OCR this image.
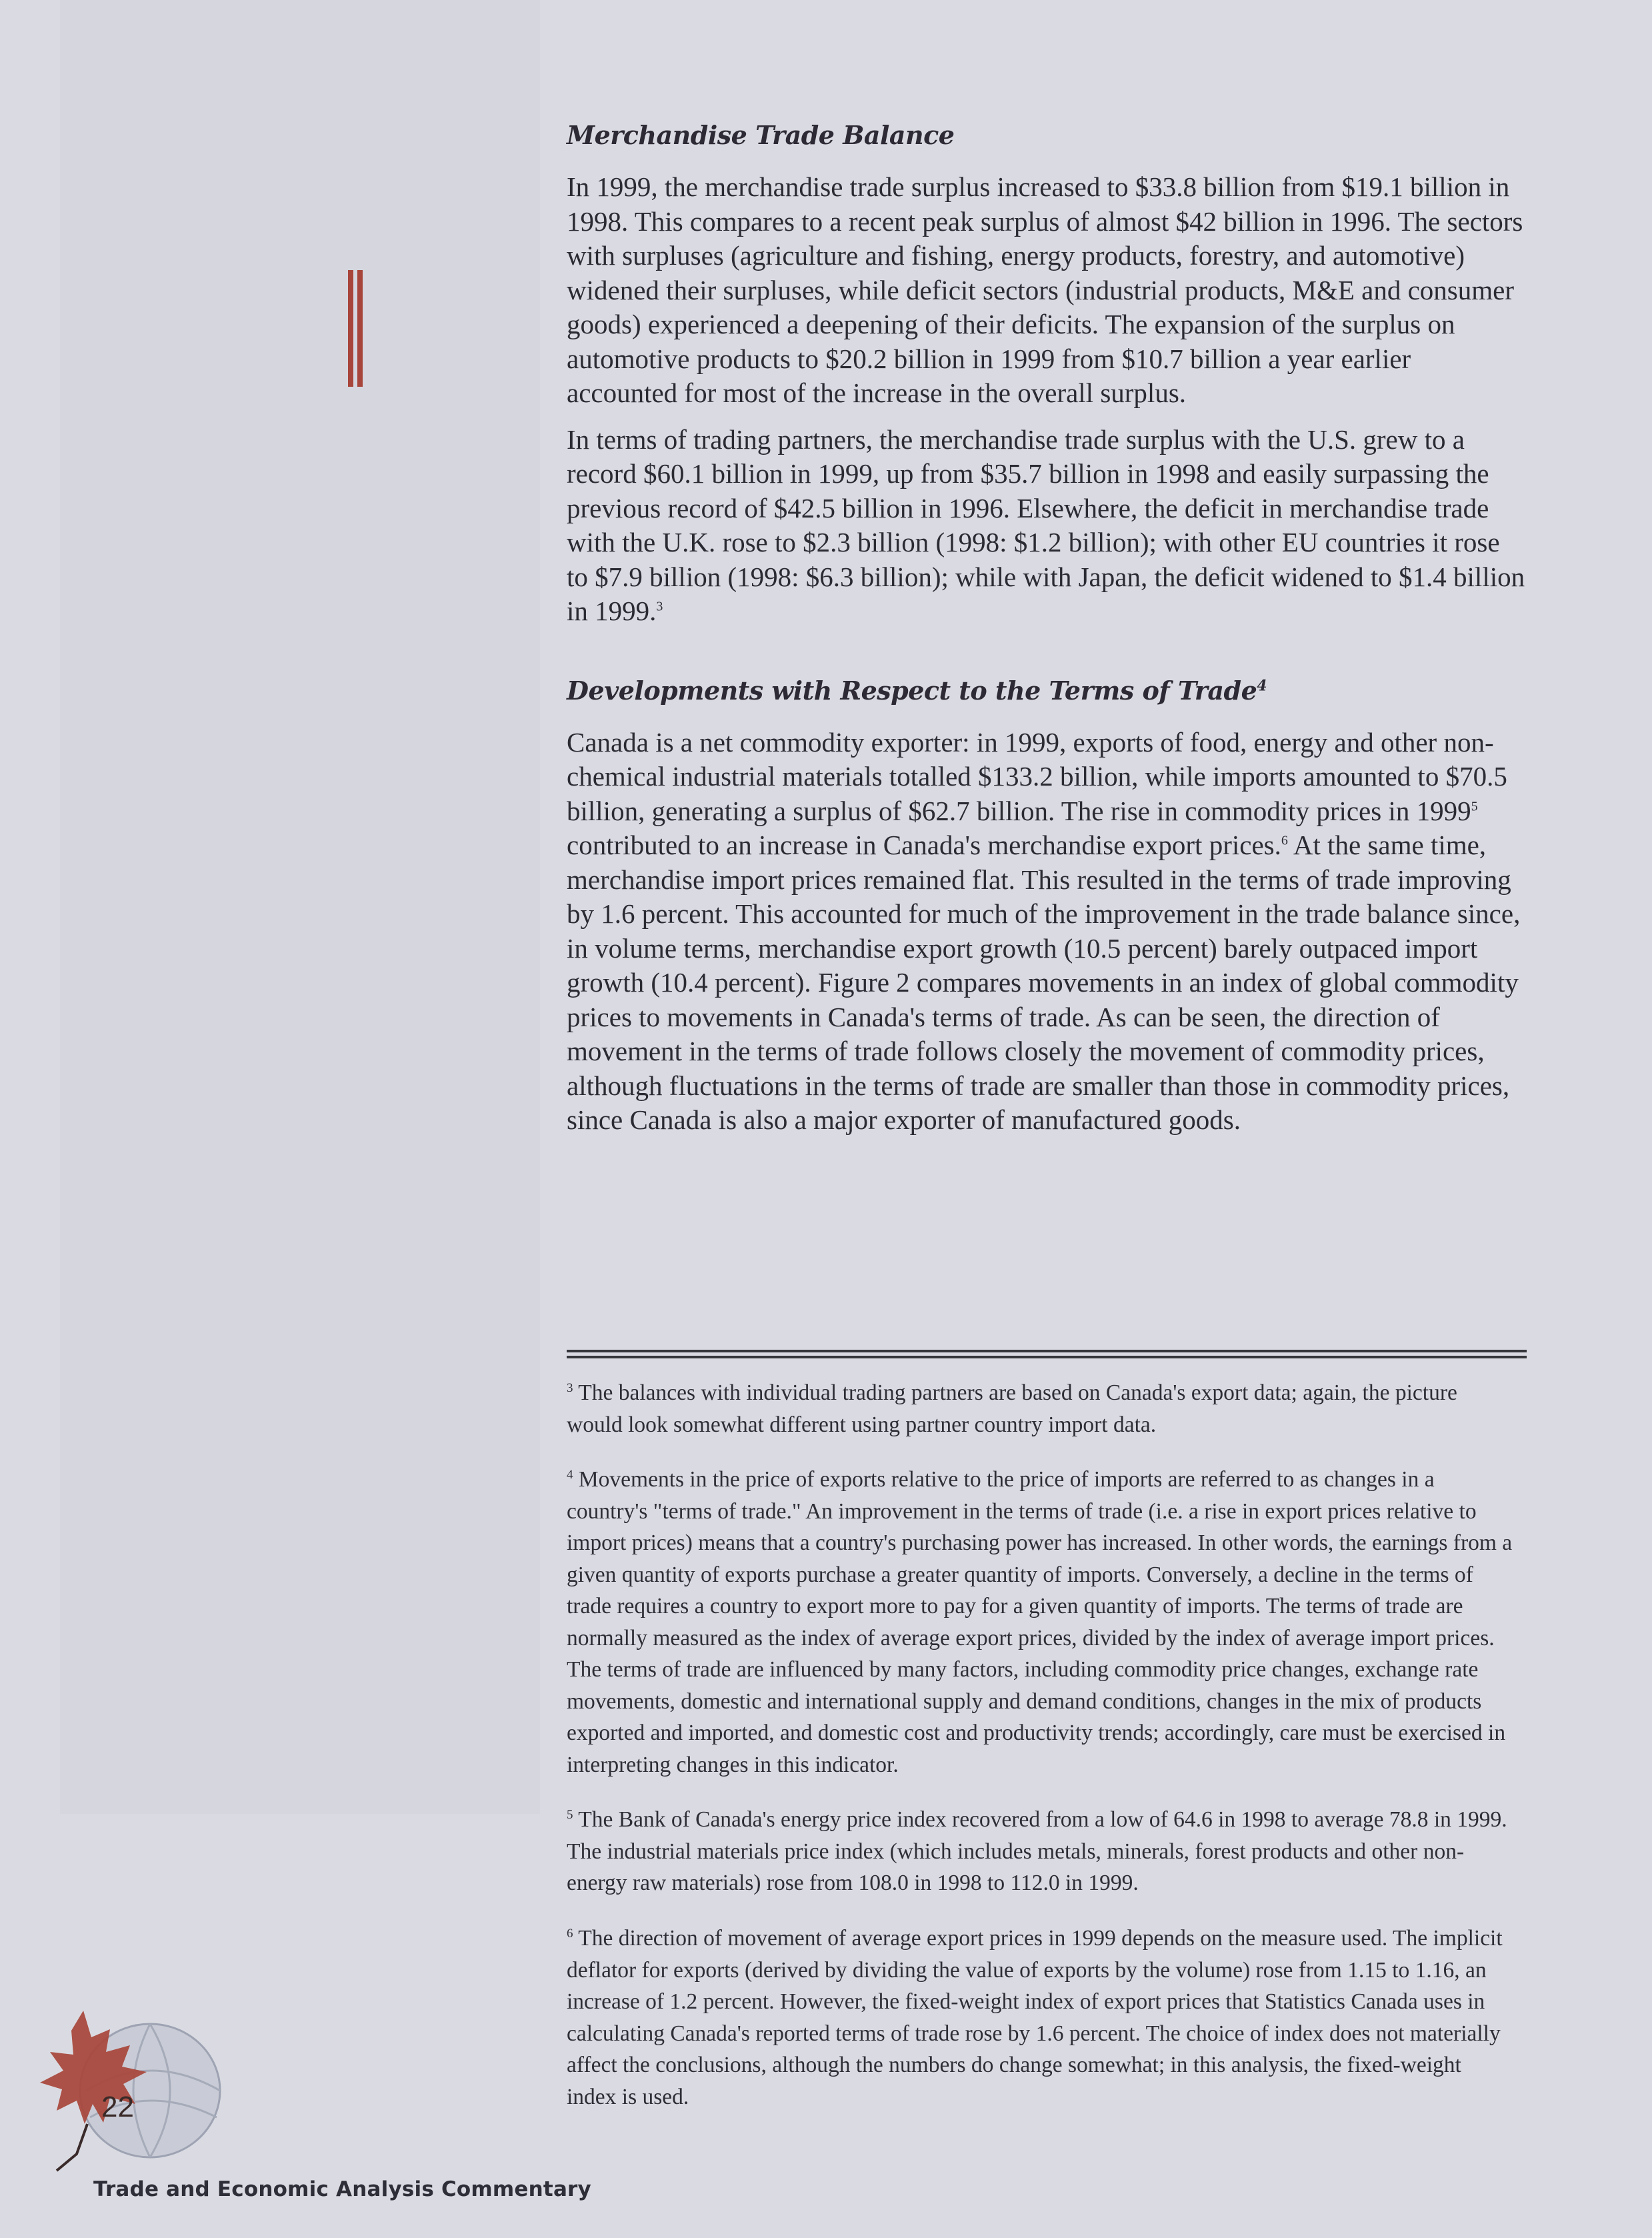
Merchandise Trade Balance

In 1999, the merchandise trade surplus increased to $33.8 billion from $19.1 billion in 1998. This compares to a recent peak surplus of almost $42 billion in 1996. The sectors with surpluses (agriculture and fishing, energy products, forestry, and automotive) widened their surpluses, while deficit sectors (industrial products, M&E and consumer goods) experienced a deepening of their deficits. The expansion of the surplus on automotive products to $20.2 billion in 1999 from $10.7 billion a year earlier accounted for most of the increase in the overall surplus.

In terms of trading partners, the merchandise trade surplus with the U.S. grew to a record $60.1 billion in 1999, up from $35.7 billion in 1998 and easily surpassing the previous record of $42.5 billion in 1996. Elsewhere, the deficit in merchandise trade with the U.K. rose to $2.3 billion (1998: $1.2 billion); with other EU countries it rose to $7.9 billion (1998: $6.3 billion); while with Japan, the deficit widened to $1.4 billion in 1999.$^3$

Developments with Respect to the Terms of Trade$^4$

Canada is a net commodity exporter: in 1999, exports of food, energy and other non-chemical industrial materials totalled $133.2 billion, while imports amounted to $70.5 billion, generating a surplus of $62.7 billion. The rise in commodity prices in 1999$^5$ contributed to an increase in Canada's merchandise export prices.$^6$ At the same time, merchandise import prices remained flat. This resulted in the terms of trade improving by 1.6 percent. This accounted for much of the improvement in the trade balance since, in volume terms, merchandise export growth (10.5 percent) barely outpaced import growth (10.4 percent). Figure 2 compares movements in an index of global commodity prices to movements in Canada's terms of trade. As can be seen, the direction of movement in the terms of trade follows closely the movement of commodity prices, although fluctuations in the terms of trade are smaller than those in commodity prices, since Canada is also a major exporter of manufactured goods.

$^3$ The balances with individual trading partners are based on Canada's export data; again, the picture would look somewhat different using partner country import data.

$^4$ Movements in the price of exports relative to the price of imports are referred to as changes in a country's "terms of trade." An improvement in the terms of trade (i.e. a rise in export prices relative to import prices) means that a country's purchasing power has increased. In other words, the earnings from a given quantity of exports purchase a greater quantity of imports. Conversely, a decline in the terms of trade requires a country to export more to pay for a given quantity of imports. The terms of trade are normally measured as the index of average export prices, divided by the index of average import prices. The terms of trade are influenced by many factors, including commodity price changes, exchange rate movements, domestic and international supply and demand conditions, changes in the mix of products exported and imported, and domestic cost and productivity trends; accordingly, care must be exercised in interpreting changes in this indicator.

$^5$ The Bank of Canada's energy price index recovered from a low of 64.6 in 1998 to average 78.8 in 1999. The industrial materials price index (which includes metals, minerals, forest products and other non-energy raw materials) rose from 108.0 in 1998 to 112.0 in 1999.

$^6$ The direction of movement of average export prices in 1999 depends on the measure used. The implicit deflator for exports (derived by dividing the value of exports by the volume) rose from 1.15 to 1.16, an increase of 1.2 percent. However, the fixed-weight index of export prices that Statistics Canada uses in calculating Canada's reported terms of trade rose by 1.6 percent. The choice of index does not materially affect the conclusions, although the numbers do change somewhat; in this analysis, the fixed-weight index is used.

22
Trade and Economic Analysis Commentary
